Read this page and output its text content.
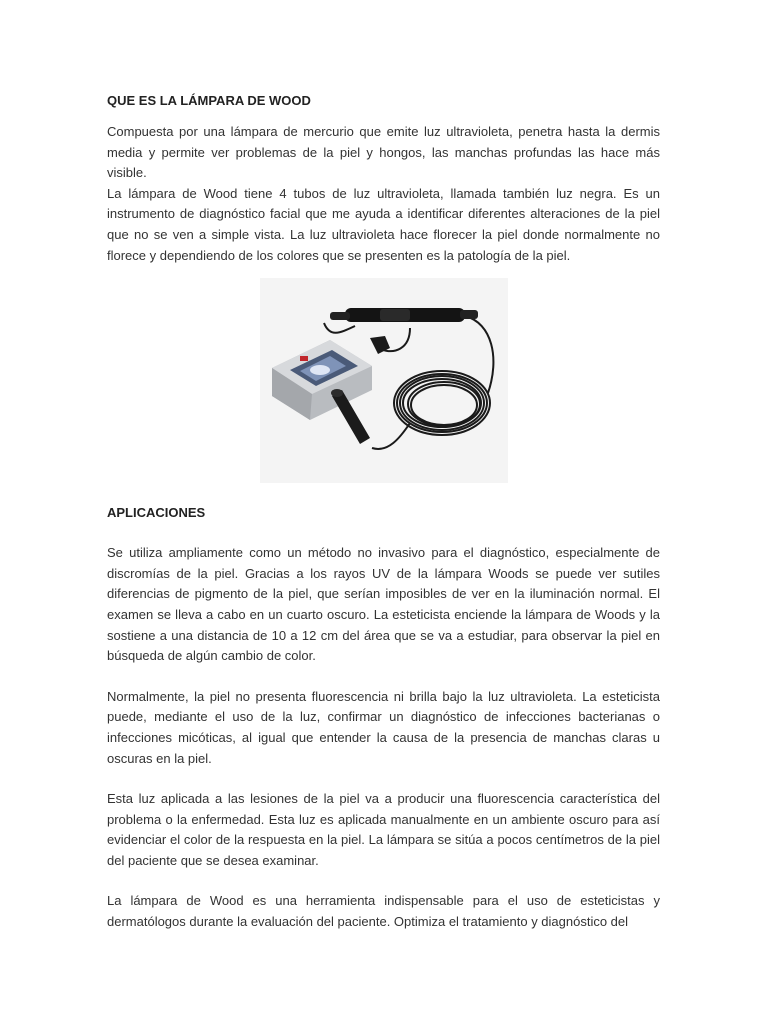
QUE ES LA LÁMPARA DE WOOD

Compuesta por una lámpara de mercurio que emite luz ultravioleta, penetra hasta la dermis media y permite ver problemas de la piel y hongos, las manchas profundas las hace más visible.

La lámpara de Wood tiene 4 tubos de luz ultravioleta, llamada también luz negra. Es un instrumento de diagnóstico facial que me ayuda a identificar diferentes alteraciones de la piel que no se ven a simple vista. La luz ultravioleta hace florecer la piel donde normalmente no florece y dependiendo de los colores que se presenten es la patología de la piel.

APLICACIONES

Se utiliza ampliamente como un método no invasivo para el diagnóstico, especialmente de discromías de la piel. Gracias a los rayos UV de la lámpara Woods se puede ver sutiles diferencias de pigmento de la piel, que serían imposibles de ver en la iluminación normal. El examen se lleva a cabo en un cuarto oscuro. La esteticista enciende la lámpara de Woods y la sostiene a una distancia de 10 a 12 cm del área que se va a estudiar, para observar la piel en búsqueda de algún cambio de color.

Normalmente, la piel no presenta fluorescencia ni brilla bajo la luz ultravioleta. La esteticista puede, mediante el uso de la luz, confirmar un diagnóstico de infecciones bacterianas o infecciones micóticas, al igual que entender la causa de la presencia de manchas claras u oscuras en la piel.

Esta luz aplicada a las lesiones de la piel va a producir una fluorescencia característica del problema o la enfermedad. Esta luz es aplicada manualmente en un ambiente oscuro para así evidenciar el color de la respuesta en la piel. La lámpara se sitúa a pocos centímetros de la piel del paciente que se desea examinar.

La lámpara de Wood es una herramienta indispensable para el uso de esteticistas y dermatólogos durante la evaluación del paciente. Optimiza el tratamiento y diagnóstico del
